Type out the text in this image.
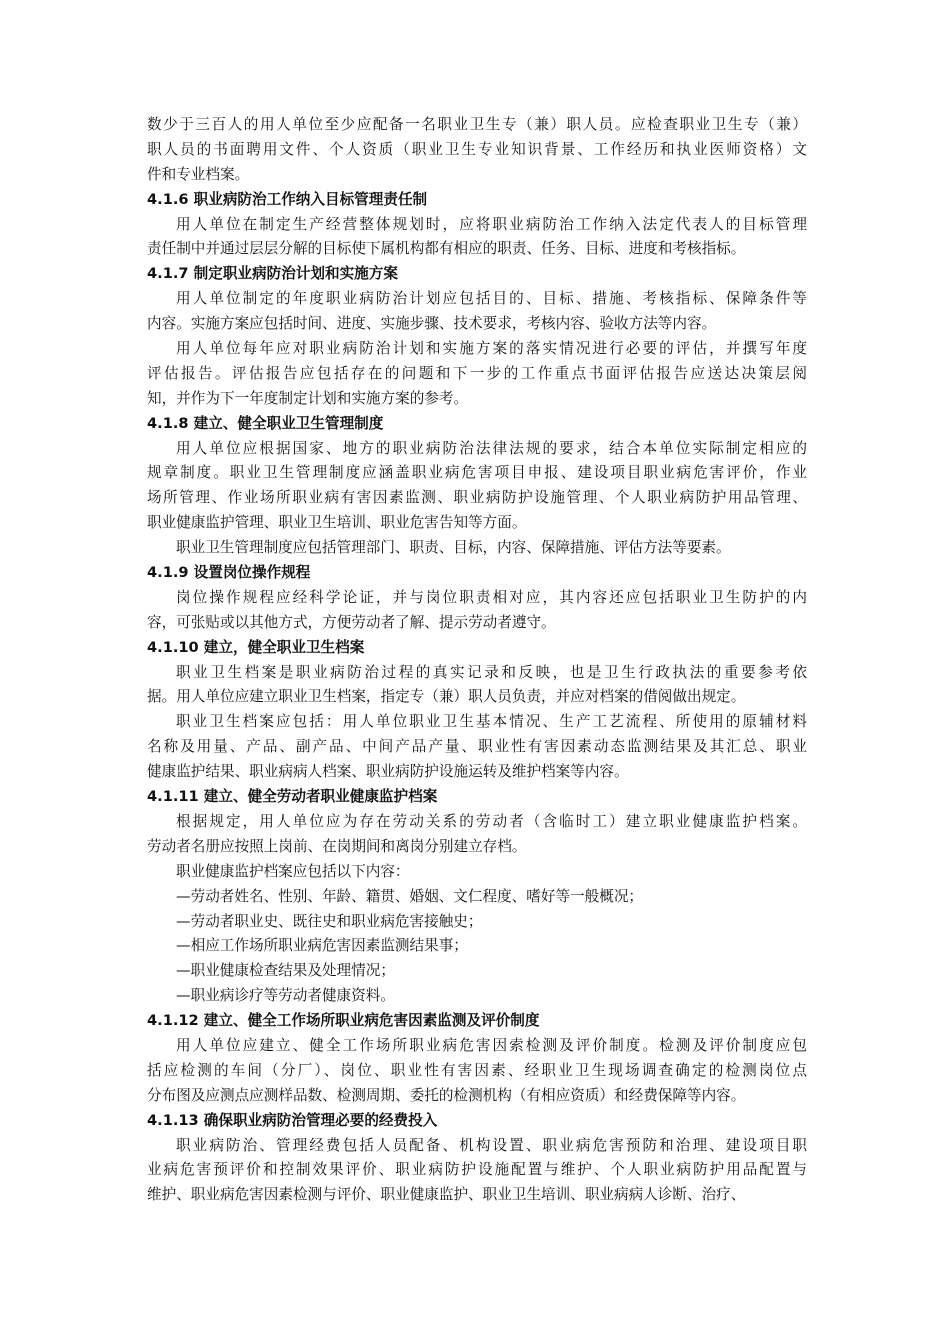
数少于三百人的用人单位至少应配备一名职业卫生专（兼）职人员。应检查职业卫生专（兼）
职人员的书面聘用文件、个人资质（职业卫生专业知识背景、工作经历和执业医师资格）文
件和专业档案。
4.1.6 职业病防治工作纳入目标管理责任制
用人单位在制定生产经营整体规划时，应将职业病防治工作纳入法定代表人的目标管理
责任制中并通过层层分解的目标使下属机构都有相应的职责、任务、目标、进度和考核指标。
4.1.7 制定职业病防治计划和实施方案
用人单位制定的年度职业病防治计划应包括目的、目标、措施、考核指标、保障条件等
内容。实施方案应包括时间、进度、实施步骤、技术要求，考核内容、验收方法等内容。
用人单位每年应对职业病防治计划和实施方案的落实情况进行必要的评估，并撰写年度
评估报告。评估报告应包括存在的问题和下一步的工作重点书面评估报告应送达决策层阅
知，并作为下一年度制定计划和实施方案的参考。
4.1.8 建立、健全职业卫生管理制度
用人单位应根据国家、地方的职业病防治法律法规的要求，结合本单位实际制定相应的
规章制度。职业卫生管理制度应涵盖职业病危害项目申报、建设项目职业病危害评价，作业
场所管理、作业场所职业病有害因素监测、职业病防护设施管理、个人职业病防护用品管理、
职业健康监护管理、职业卫生培训、职业危害告知等方面。
职业卫生管理制度应包括管理部门、职责、目标，内容、保障措施、评估方法等要素。
4.1.9 设置岗位操作规程
岗位操作规程应经科学论证，并与岗位职责相对应，其内容还应包括职业卫生防护的内
容，可张贴或以其他方式，方便劳动者了解、提示劳动者遵守。
4.1.10 建立，健全职业卫生档案
职业卫生档案是职业病防治过程的真实记录和反映，也是卫生行政执法的重要参考依
据。用人单位应建立职业卫生档案，指定专（兼）职人员负责，并应对档案的借阅做出规定。
职业卫生档案应包括：用人单位职业卫生基本情况、生产工艺流程、所使用的原辅材料
名称及用量、产品、副产品、中间产品产量、职业性有害因素动态监测结果及其汇总、职业
健康监护结果、职业病病人档案、职业病防护设施运转及维护档案等内容。
4.1.11 建立、健全劳动者职业健康监护档案
根据规定，用人单位应为存在劳动关系的劳动者（含临时工）建立职业健康监护档案。
劳动者名册应按照上岗前、在岗期间和离岗分别建立存档。
职业健康监护档案应包括以下内容：
—劳动者姓名、性别、年龄、籍贯、婚姻、文仁程度、嗜好等一般概况；
—劳动者职业史、既往史和职业病危害接触史；
—相应工作场所职业病危害因素监测结果事；
—职业健康检查结果及处理情况；
—职业病诊疗等劳动者健康资料。
4.1.12 建立、健全工作场所职业病危害因素监测及评价制度
用人单位应建立、健全工作场所职业病危害因索检测及评价制度。检测及评价制度应包
括应检测的车间（分厂）、岗位、职业性有害因素、经职业卫生现场调查确定的检测岗位点
分布图及应测点应测样品数、检测周期、委托的检测机构（有相应资质）和经费保障等内容。
4.1.13 确保职业病防治管理必要的经费投入
职业病防治、管理经费包括人员配备、机构设置、职业病危害预防和治理、建设项目职
业病危害预评价和控制效果评价、职业病防护设施配置与维护、个人职业病防护用品配置与
维护、职业病危害因素检测与评价、职业健康监护、职业卫生培训、职业病病人诊断、治疗、
